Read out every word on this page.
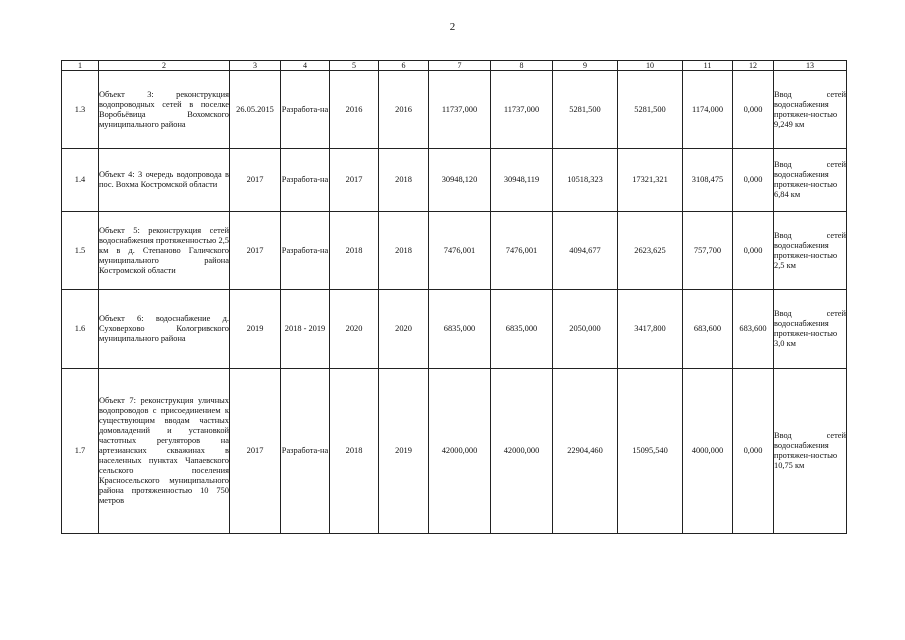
2
1	2	3	4	5	6	7	8	9	10	11	12	13
1.3	Объект 3: реконструкция водопроводных сетей в поселке Воробьёвица Вохомского муниципального района	26.05.2015	Разработа-на	2016	2016	11737,000	11737,000	5281,500	5281,500	1174,000	0,000	Ввод сетей водоснабжения протяжен-ностью 9,249 км
1.4	Объект 4: 3 очередь водопровода в пос. Вохма Костромской области	2017	Разработа-на	2017	2018	30948,120	30948,119	10518,323	17321,321	3108,475	0,000	Ввод сетей водоснабжения протяжен-ностью 6,84 км
1.5	Объект 5: реконструкция сетей водоснабжения протяженностью 2,5 км в д. Степаново Галичского муниципального района Костромской области	2017	Разработа-на	2018	2018	7476,001	7476,001	4094,677	2623,625	757,700	0,000	Ввод сетей водоснабжения протяжен-ностью 2,5 км
1.6	Объект 6: водоснабжение д. Суховерхово Кологривского муниципального района	2019	2018 - 2019	2020	2020	6835,000	6835,000	2050,000	3417,800	683,600	683,600	Ввод сетей водоснабжения протяжен-ностью 3,0 км
1.7	Объект 7: реконструкция уличных водопроводов с присоединением к существующим вводам частных домовладений и установкой частотных регуляторов на артезианских скважинах в населенных пунктах Чапаевского сельского поселения Красносельского муниципального района протяженностью 10 750 метров	2017	Разработа-на	2018	2019	42000,000	42000,000	22904,460	15095,540	4000,000	0,000	Ввод сетей водоснабжения протяжен-ностью 10,75 км
